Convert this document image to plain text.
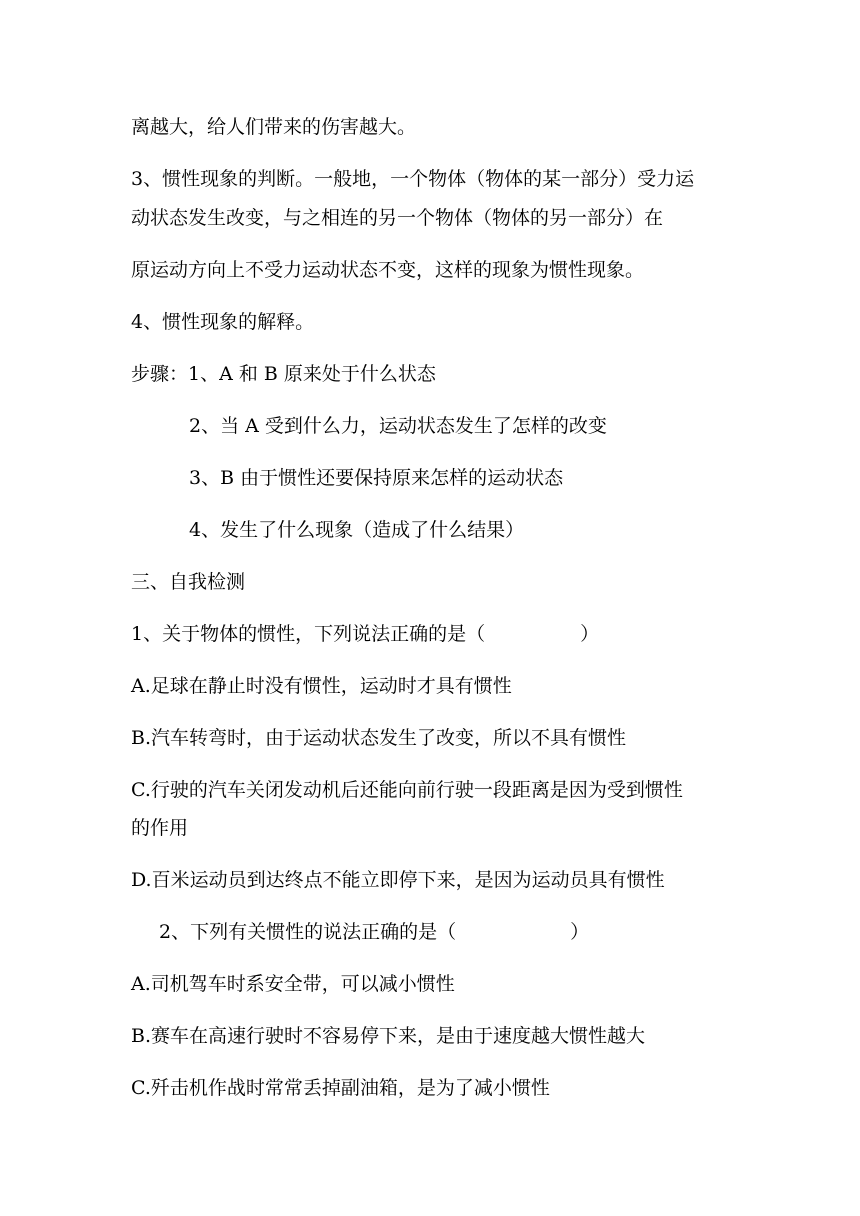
离越大，给人们带来的伤害越大。
3、惯性现象的判断。一般地，一个物体（物体的某一部分）受力运
动状态发生改变，与之相连的另一个物体（物体的另一部分）在
原运动方向上不受力运动状态不变，这样的现象为惯性现象。
4、惯性现象的解释。
步骤：1、A 和 B 原来处于什么状态
2、当 A 受到什么力，运动状态发生了怎样的改变
3、B 由于惯性还要保持原来怎样的运动状态
4、发生了什么现象（造成了什么结果）
三、自我检测
1、关于物体的惯性，下列说法正确的是（　　　　　）
A.足球在静止时没有惯性，运动时才具有惯性
B.汽车转弯时，由于运动状态发生了改变，所以不具有惯性
C.行驶的汽车关闭发动机后还能向前行驶一段距离是因为受到惯性
的作用
D.百米运动员到达终点不能立即停下来，是因为运动员具有惯性
2、下列有关惯性的说法正确的是（　　　　　　）
A.司机驾车时系安全带，可以减小惯性
B.赛车在高速行驶时不容易停下来，是由于速度越大惯性越大
C.歼击机作战时常常丢掉副油箱，是为了减小惯性
